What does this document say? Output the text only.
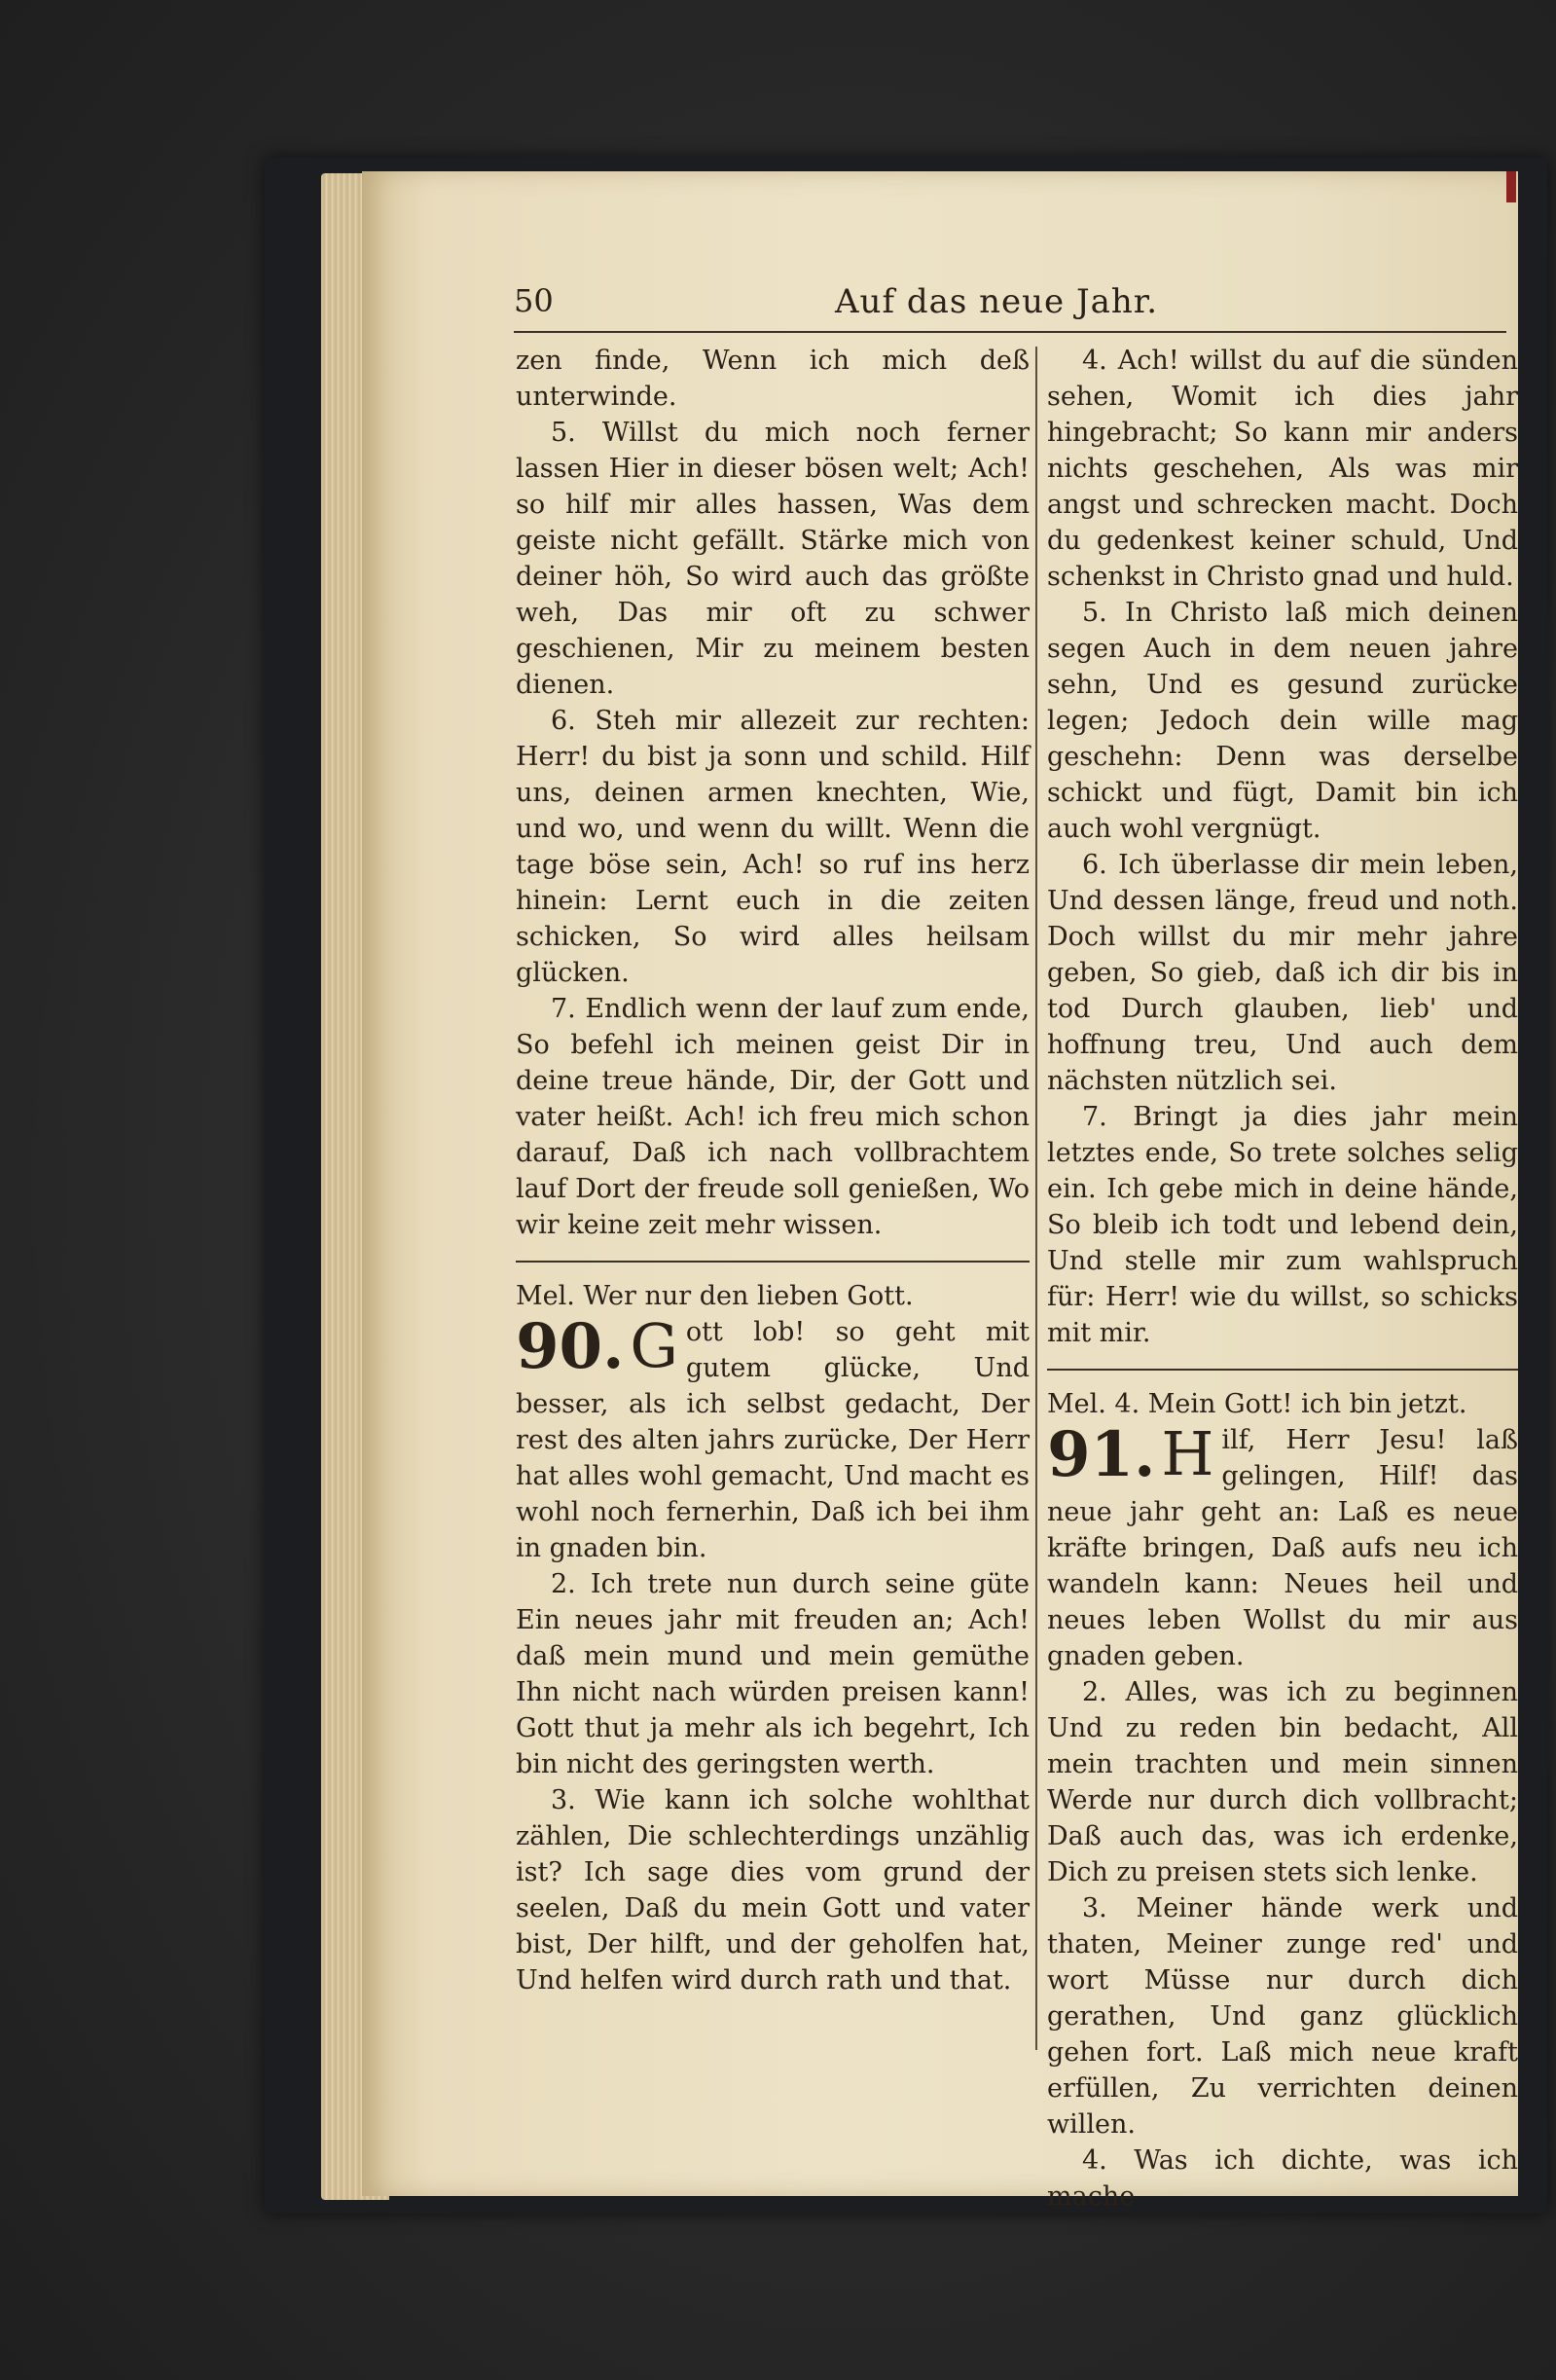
50	Auf das neue Jahr.

zen finde, Wenn ich mich deß unterwinde.

5. Willst du mich noch ferner lassen Hier in dieser bösen welt; Ach! so hilf mir alles hassen, Was dem geiste nicht gefällt. Stärke mich von deiner höh, So wird auch das größte weh, Das mir oft zu schwer geschienen, Mir zu meinem besten dienen.

6. Steh mir allezeit zur rechten: Herr! du bist ja sonn und schild. Hilf uns, deinen armen knechten, Wie, und wo, und wenn du willt. Wenn die tage böse sein, Ach! so ruf ins herz hinein: Lernt euch in die zeiten schicken, So wird alles heilsam glücken.

7. Endlich wenn der lauf zum ende, So befehl ich meinen geist Dir in deine treue hände, Dir, der Gott und vater heißt. Ach! ich freu mich schon darauf, Daß ich nach vollbrachtem lauf Dort der freude soll genießen, Wo wir keine zeit mehr wissen.

Mel. Wer nur den lieben Gott.

90. G ott lob! so geht mit gutem glücke, Und besser, als ich selbst gedacht, Der rest des alten jahrs zurücke, Der Herr hat alles wohl gemacht, Und macht es wohl noch fernerhin, Daß ich bei ihm in gnaden bin.

2. Ich trete nun durch seine güte Ein neues jahr mit freuden an; Ach! daß mein mund und mein gemüthe Ihn nicht nach würden preisen kann! Gott thut ja mehr als ich begehrt, Ich bin nicht des geringsten werth.

3. Wie kann ich solche wohlthat zählen, Die schlechterdings unzählig ist? Ich sage dies vom grund der seelen, Daß du mein Gott und vater bist, Der hilft, und der geholfen hat, Und helfen wird durch rath und that.

4. Ach! willst du auf die sünden sehen, Womit ich dies jahr hingebracht; So kann mir anders nichts geschehen, Als was mir angst und schrecken macht. Doch du gedenkest keiner schuld, Und schenkst in Christo gnad und huld.

5. In Christo laß mich deinen segen Auch in dem neuen jahre sehn, Und es gesund zurücke legen; Jedoch dein wille mag geschehn: Denn was derselbe schickt und fügt, Damit bin ich auch wohl vergnügt.

6. Ich überlasse dir mein leben, Und dessen länge, freud und noth. Doch willst du mir mehr jahre geben, So gieb, daß ich dir bis in tod Durch glauben, lieb' und hoffnung treu, Und auch dem nächsten nützlich sei.

7. Bringt ja dies jahr mein letztes ende, So trete solches selig ein. Ich gebe mich in deine hände, So bleib ich todt und lebend dein, Und stelle mir zum wahlspruch für: Herr! wie du willst, so schicks mit mir.

Mel. 4. Mein Gott! ich bin jetzt.

91. H ilf, Herr Jesu! laß gelingen, Hilf! das neue jahr geht an: Laß es neue kräfte bringen, Daß aufs neu ich wandeln kann: Neues heil und neues leben Wollst du mir aus gnaden geben.

2. Alles, was ich zu beginnen Und zu reden bin bedacht, All mein trachten und mein sinnen Werde nur durch dich vollbracht; Daß auch das, was ich erdenke, Dich zu preisen stets sich lenke.

3. Meiner hände werk und thaten, Meiner zunge red' und wort Müsse nur durch dich gerathen, Und ganz glücklich gehen fort. Laß mich neue kraft erfüllen, Zu verrichten deinen willen.

4. Was ich dichte, was ich mache
